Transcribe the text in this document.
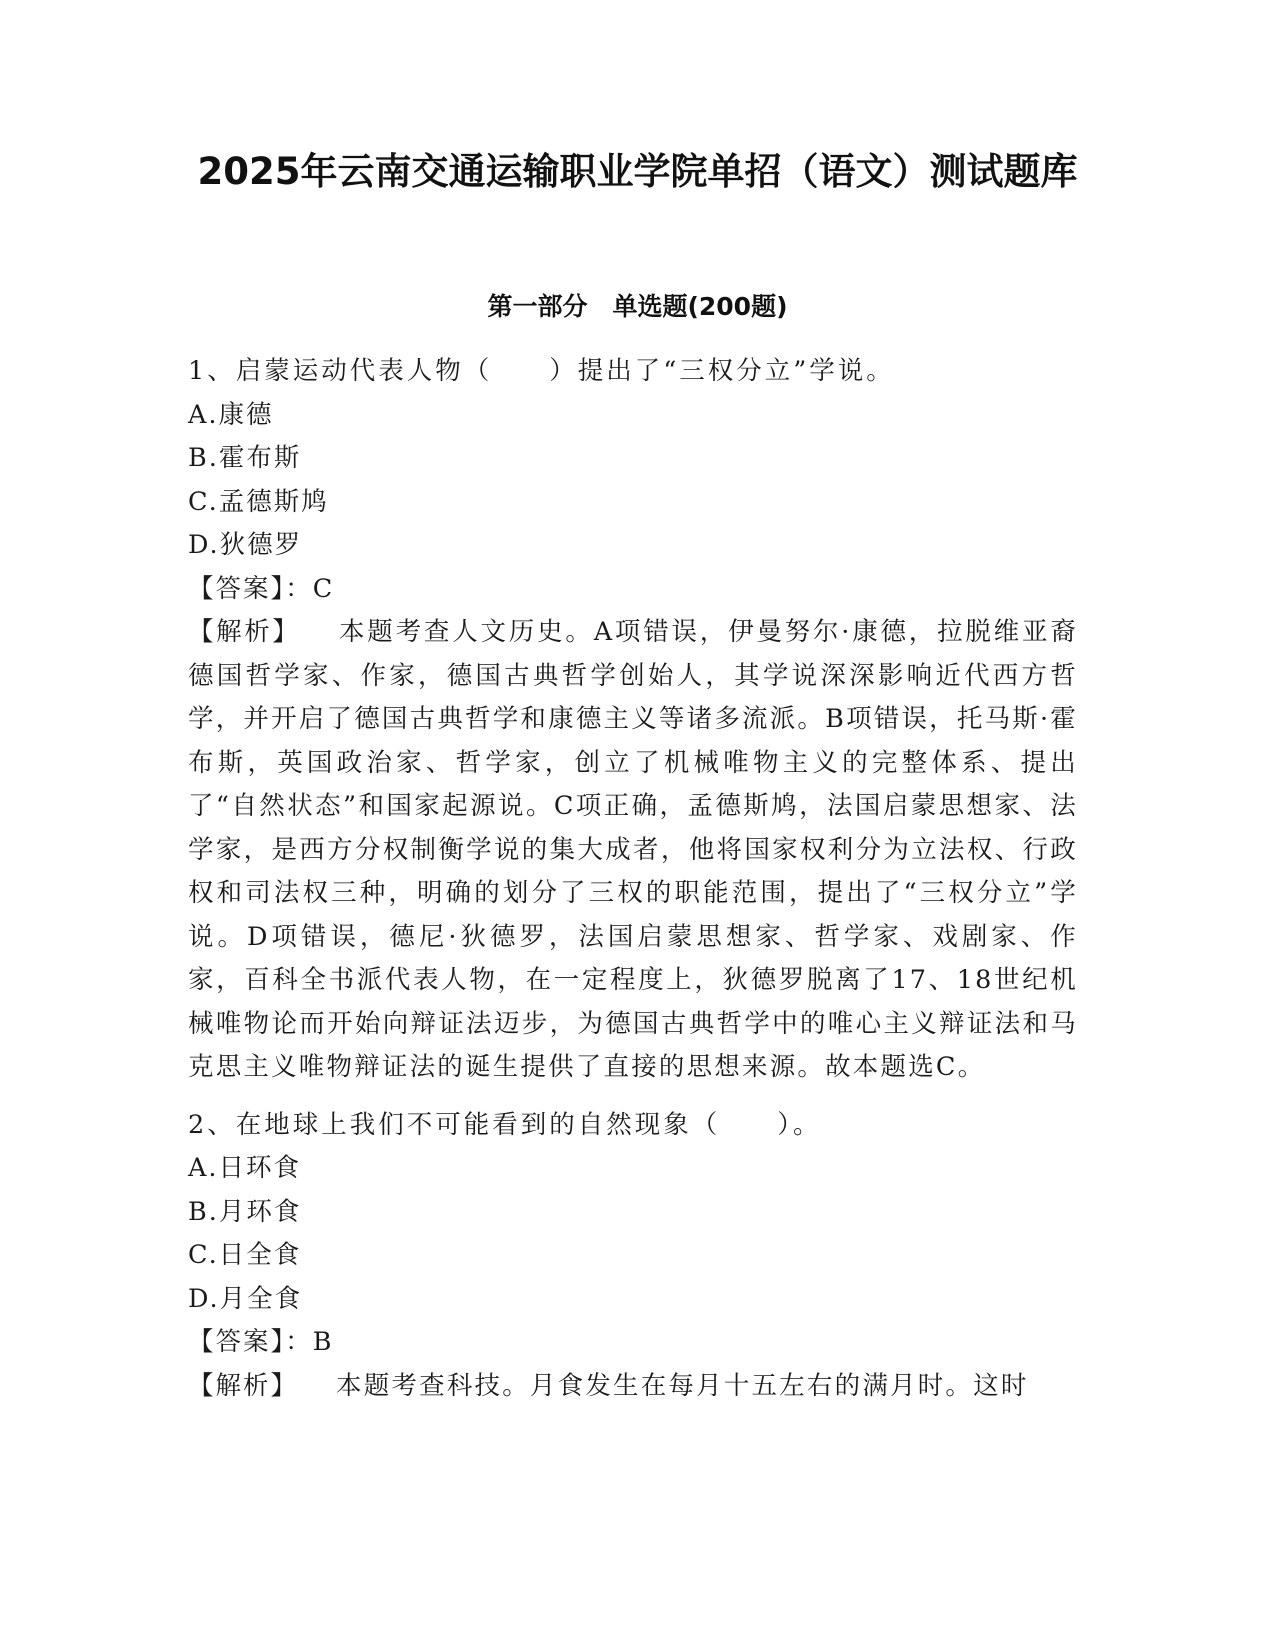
2025年云南交通运输职业学院单招（语文）测试题库
第一部分　单选题(200题)
1、启蒙运动代表人物（　　）提出了“三权分立”学说。
A.康德
B.霍布斯
C.孟德斯鸠
D.狄德罗
【答案】：C
【解析】 本题考查人文历史。A项错误，伊曼努尔·康德，拉脱维亚裔德国哲学家、作家，德国古典哲学创始人，其学说深深影响近代西方哲学，并开启了德国古典哲学和康德主义等诸多流派。B项错误，托马斯·霍布斯，英国政治家、哲学家，创立了机械唯物主义的完整体系、提出了“自然状态”和国家起源说。C项正确，孟德斯鸠，法国启蒙思想家、法学家，是西方分权制衡学说的集大成者，他将国家权利分为立法权、行政权和司法权三种，明确的划分了三权的职能范围，提出了“三权分立”学说。D项错误，德尼·狄德罗，法国启蒙思想家、哲学家、戏剧家、作家，百科全书派代表人物，在一定程度上，狄德罗脱离了17、18世纪机械唯物论而开始向辩证法迈步，为德国古典哲学中的唯心主义辩证法和马克思主义唯物辩证法的诞生提供了直接的思想来源。故本题选C。
2、在地球上我们不可能看到的自然现象（　　）。
A.日环食
B.月环食
C.日全食
D.月全食
【答案】：B
【解析】 本题考查科技。月食发生在每月十五左右的满月时。这时
